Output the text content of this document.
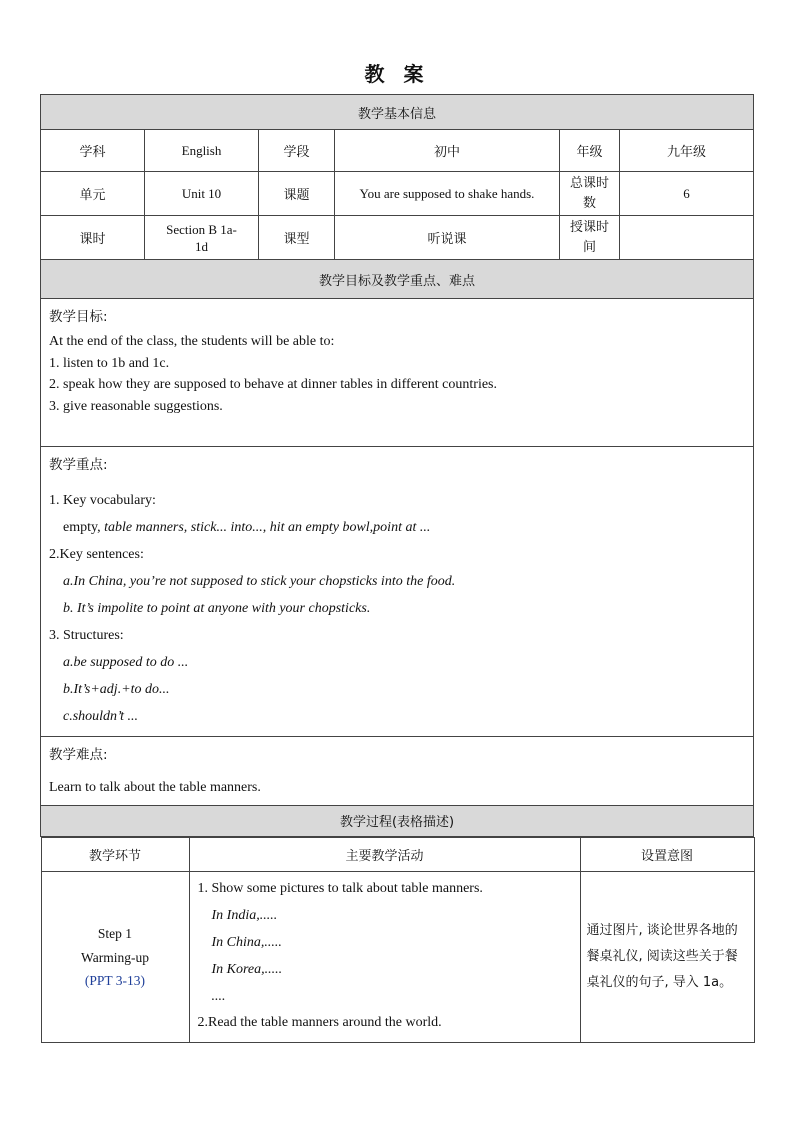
教 案
教学基本信息
学科	English	学段	初中	年级	九年级
单元	Unit 10	课题	You are supposed to shake hands.	总课时数	6
课时	Section B 1a-1d	课型	听说课	授课时间	
教学目标及教学重点、难点

教学目标:
At the end of the class, the students will be able to:
1. listen to 1b and 1c.
2. speak how they are supposed to behave at dinner tables in different countries.
3. give reasonable suggestions.

教学重点:
1. Key vocabulary:
empty, table manners, stick... into..., hit an empty bowl,point at ...
2.Key sentences:
a.In China, you’re not supposed to stick your chopsticks into the food.
b. It’s impolite to point at anyone with your chopsticks.
3. Structures:
a.be supposed to do ...
b.It’s+adj.+to do...
c.shouldn’t ...

教学难点:
Learn to talk about the table manners.

教学过程(表格描述)

教学环节	主要教学活动	设置意图

Step 1
Warming-up
(PPT 3-13)

1. Show some pictures to talk about table manners.
In India,.....
In China,.....
In Korea,.....
....
2.Read the table manners around the world.
	通过图片, 谈论世界各地的餐桌礼仪, 阅读这些关于餐桌礼仪的句子, 导入 1a。
